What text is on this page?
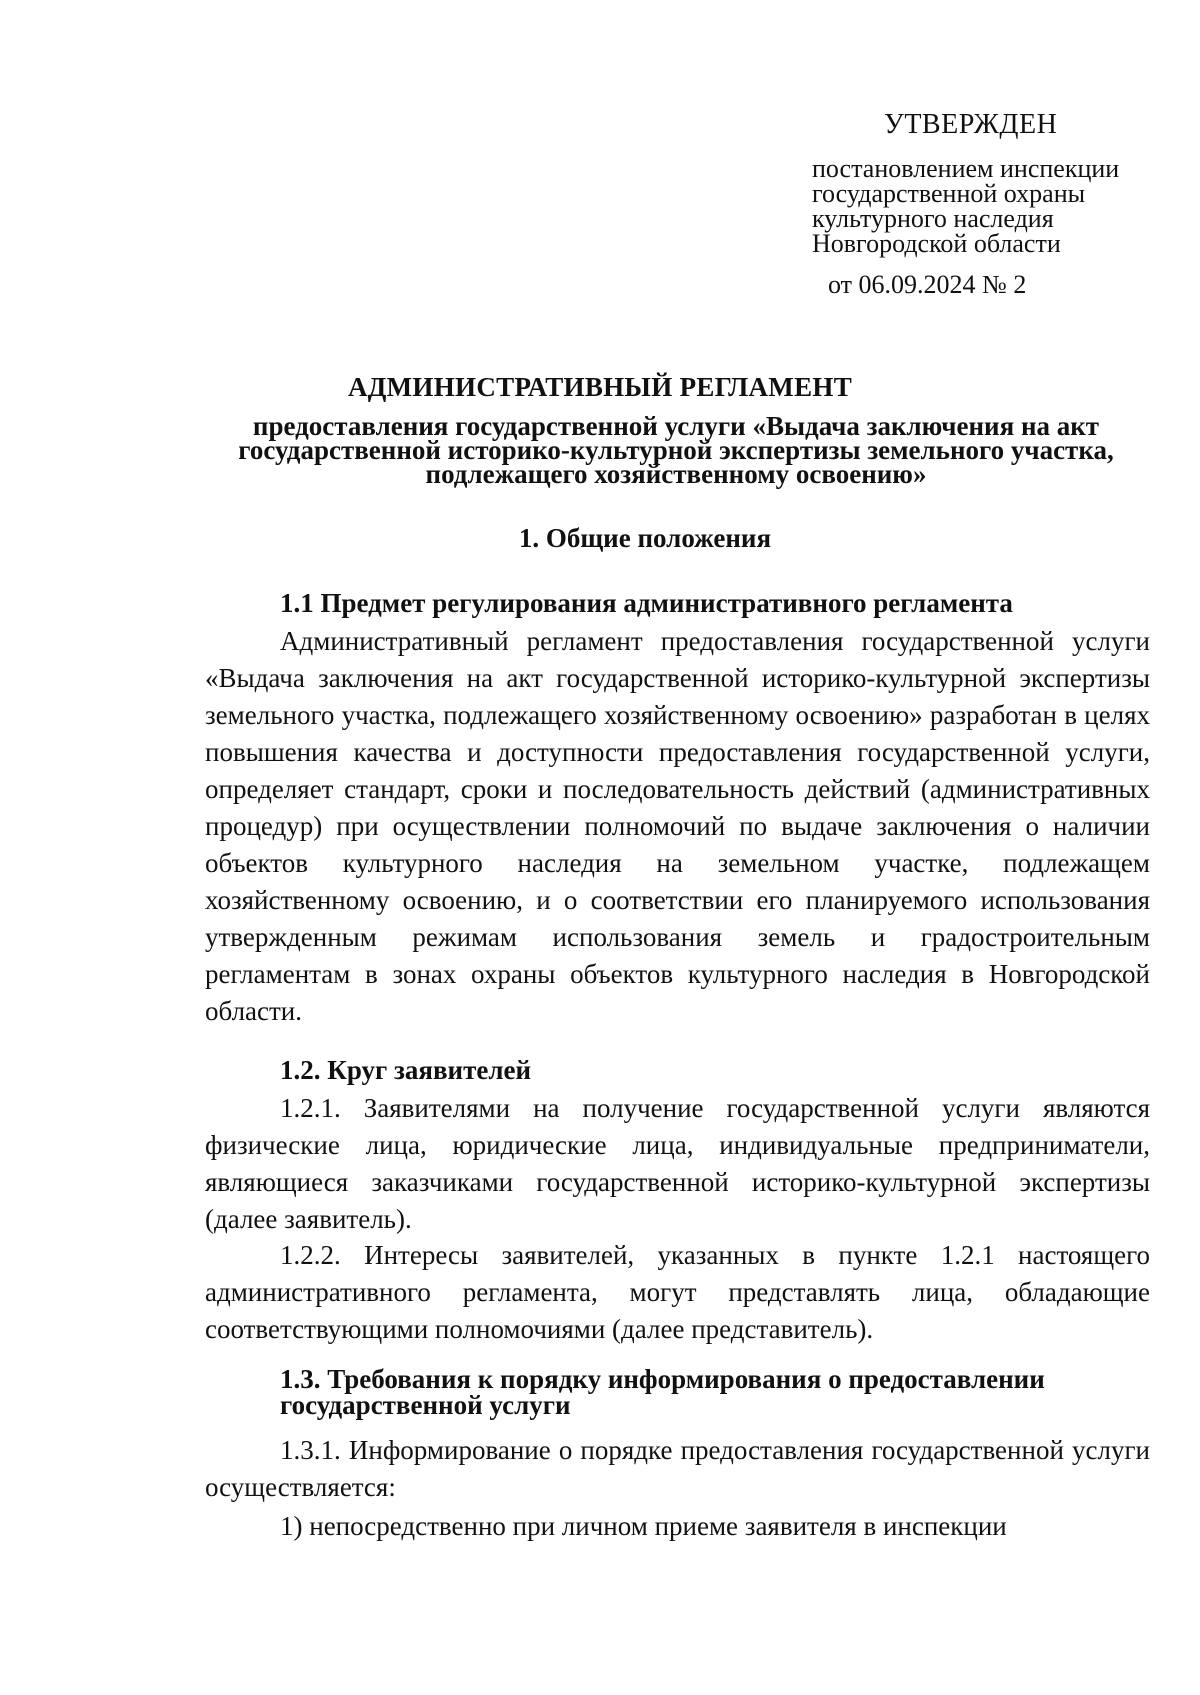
УТВЕРЖДЕН
постановлением инспекции государственной охраны культурного наследия Новгородской области
от 06.09.2024 № 2
АДМИНИСТРАТИВНЫЙ РЕГЛАМЕНТ
предоставления государственной услуги «Выдача заключения на акт государственной историко-культурной экспертизы земельного участка, подлежащего хозяйственному освоению»
1. Общие положения
1.1 Предмет регулирования административного регламента

Административный регламент предоставления государственной услуги «Выдача заключения на акт государственной историко-культурной экспертизы земельного участка, подлежащего хозяйственному освоению» разработан в целях повышения качества и доступности предоставления государственной услуги, определяет стандарт, сроки и последовательность действий (административных процедур) при осуществлении полномочий по выдаче заключения о наличии объектов культурного наследия на земельном участке, подлежащем хозяйственному освоению, и о соответствии его планируемого использования утвержденным режимам использования земель и градостроительным регламентам в зонах охраны объектов культурного наследия в Новгородской области.

1.2. Круг заявителей

1.2.1. Заявителями на получение государственной услуги являются физические лица, юридические лица, индивидуальные предприниматели, являющиеся заказчиками государственной историко-культурной экспертизы (далее заявитель).

1.2.2. Интересы заявителей, указанных в пункте 1.2.1 настоящего административного регламента, могут представлять лица, обладающие соответствующими полномочиями (далее представитель).

1.3. Требования к порядку информирования о предоставлении государственной услуги

1.3.1. Информирование о порядке предоставления государственной услуги осуществляется:

1) непосредственно при личном приеме заявителя в инспекции
